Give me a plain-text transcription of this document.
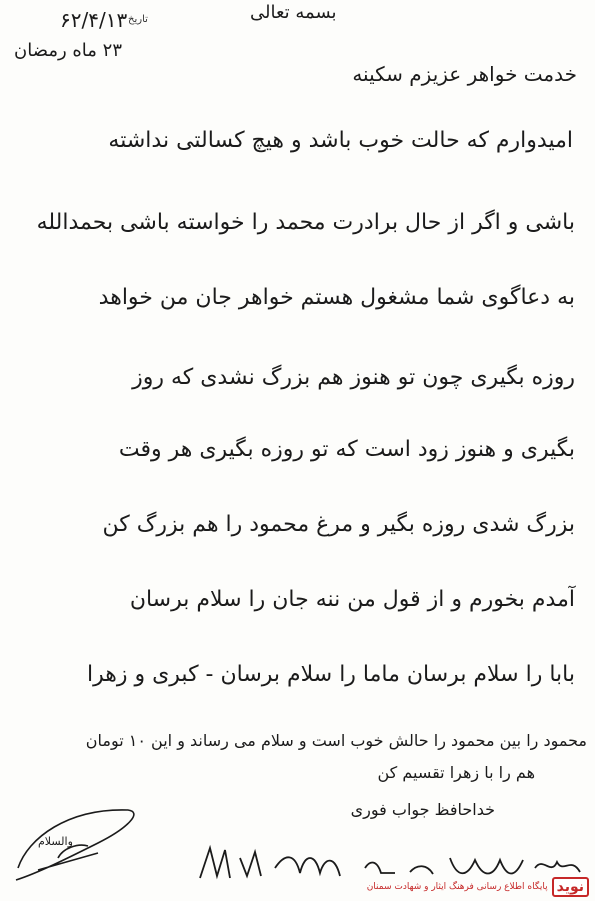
بسمه تعالی
تاریخ
۶۲/۴/۱۳
۲۳ ماه رمضان
خدمت خواهر عزیزم سکینه
امیدوارم که حالت خوب باشد و هیچ کسالتی نداشته
باشی و اگر از حال برادرت محمد را خواسته باشی بحمدالله
به دعاگوی شما مشغول هستم خواهر جان من خواهد
روزه بگیری چون تو هنوز هم بزرگ نشدی که روز
بگیری و هنوز زود است که تو روزه بگیری هر وقت
بزرگ شدی روزه بگیر و مرغ محمود را هم بزرگ کن
آمدم بخورم و از قول من ننه جان را سلام برسان
بابا را سلام برسان ماما را سلام برسان - کبری و زهرا
محمود را بین محمود را حالش خوب است و سلام می رساند و این ۱۰ تومان
هم را با زهرا تقسیم کن
خداحافظ جواب فوری
والسلام
نوید
پایگاه اطلاع رسانی فرهنگ ایثار و شهادت سمنان
